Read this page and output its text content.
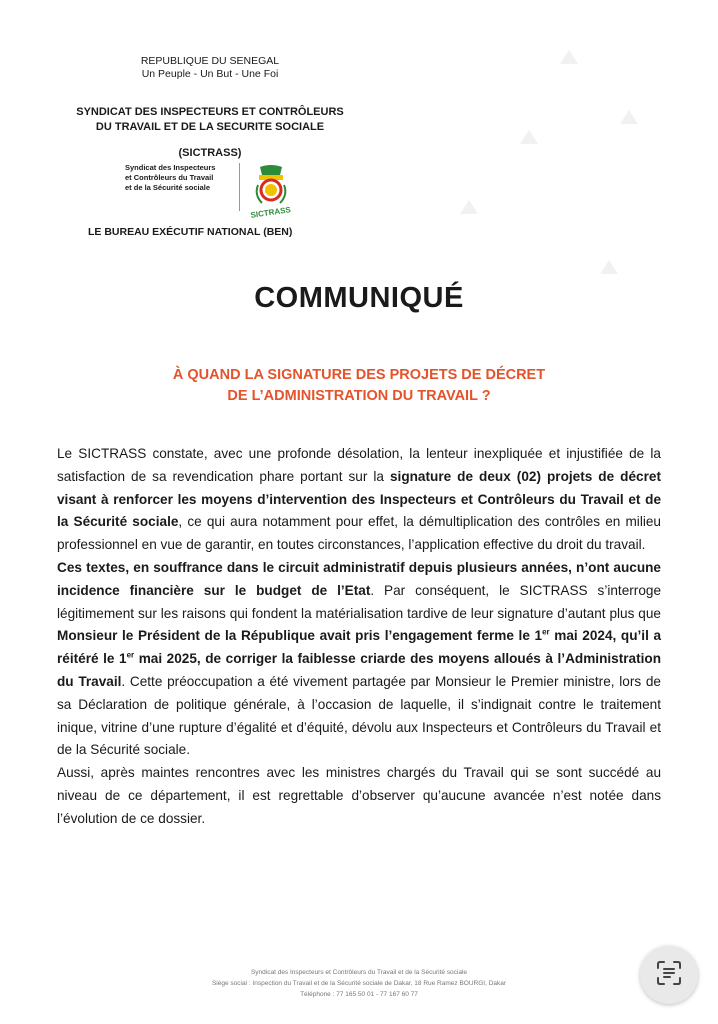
REPUBLIQUE DU SENEGAL
Un Peuple - Un But - Une Foi
SYNDICAT DES INSPECTEURS ET CONTRÔLEURS
DU TRAVAIL ET DE LA SECURITE SOCIALE
(SICTRASS)
Syndicat des Inspecteurs
et Contrôleurs du Travail
et de la Sécurité sociale
SICTRASS
LE BUREAU EXÉCUTIF NATIONAL (BEN)
COMMUNIQUÉ
À QUAND LA SIGNATURE DES PROJETS DE DÉCRET
DE L’ADMINISTRATION DU TRAVAIL ?

Le SICTRASS constate, avec une profonde désolation, la lenteur inexpliquée et injustifiée de la satisfaction de sa revendication phare portant sur la signature de deux (02) projets de décret visant à renforcer les moyens d’intervention des Inspecteurs et Contrôleurs du Travail et de la Sécurité sociale, ce qui aura notamment pour effet, la démultiplication des contrôles en milieu professionnel en vue de garantir, en toutes circonstances, l’application effective du droit du travail.

Ces textes, en souffrance dans le circuit administratif depuis plusieurs années, n’ont aucune incidence financière sur le budget de l’Etat. Par conséquent, le SICTRASS s’interroge légitimement sur les raisons qui fondent la matérialisation tardive de leur signature d’autant plus que Monsieur le Président de la République avait pris l’engagement ferme le 1er mai 2024, qu’il a réitéré le 1er mai 2025, de corriger la faiblesse criarde des moyens alloués à l’Administration du Travail. Cette préoccupation a été vivement partagée par Monsieur le Premier ministre, lors de sa Déclaration de politique générale, à l’occasion de laquelle, il s’indignait contre le traitement inique, vitrine d’une rupture d’égalité et d’équité, dévolu aux Inspecteurs et Contrôleurs du Travail et de la Sécurité sociale.

Aussi, après maintes rencontres avec les ministres chargés du Travail qui se sont succédé au niveau de ce département, il est regrettable d’observer qu’aucune avancée n’est notée dans l’évolution de ce dossier.

Syndicat des Inspecteurs et Contrôleurs du Travail et de la Sécurité sociale
Siège social : Inspection du Travail et de la Sécurité sociale de Dakar, 18 Rue Ramez BOURGI, Dakar
Téléphone : 77 165 50 01 - 77 167 60 77
